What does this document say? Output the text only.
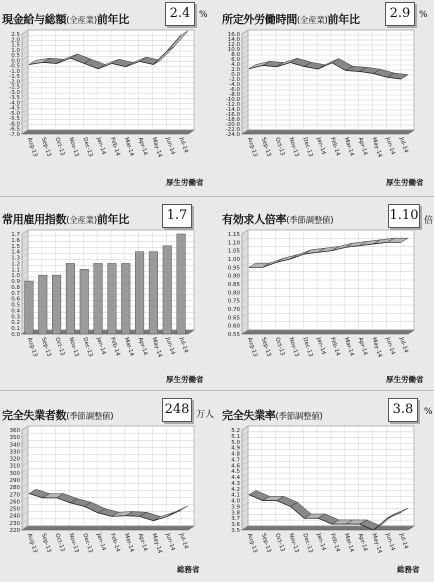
現金給与総額(全産業)前年比	2.4 %
2.5
2.0
1.5
1.0
0.5
0.0
-0.5
-1.0
-1.5
-2.0
-2.5
-3.0
-3.5
-4.0
-4.5
-5.0
-5.5
-6.0
-6.5
-7.0
Aug-13 Sep-13 Oct-13 Nov-13 Dec-13 Jan-14 Feb-14 Mar-14 Apr-14 May-14 Jun-14 Jul-14
厚生労働省
所定外労働時間(全産業)前年比	2.9 %
16.0
14.0
12.0
10.0
8.0
6.0
4.0
2.0
0.0
-2.0
-4.0
-6.0
-8.0
-10.0
-12.0
-14.0
-16.0
-18.0
-20.0
-22.0
-24.0
Aug-13 Sep-13 Oct-13 Nov-13 Dec-13 Jan-14 Feb-14 Mar-14 Apr-14 May-14 Jun-14 Jul-14
厚生労働省
常用雇用指数(全産業)前年比	1.7
1.7
1.6
1.5
1.4
1.3
1.2
1.1
1.0
0.9
0.8
0.7
0.6
0.5
0.4
0.3
0.2
0.1
0.0
Aug-13 Sep-13 Oct-13 Nov-13 Dec-13 Jan-14 Feb-14 Mar-14 Apr-14 May-14 Jun-14 Jul-14
厚生労働省
有効求人倍率(季節調整値)	1.10 倍
1.15
1.10
1.05
1.00
0.95
0.90
0.85
0.80
0.75
0.70
0.65
0.60
0.55
Aug-13 Sep-13 Oct-13 Nov-13 Dec-13 Jan-14 Feb-14 Mar-14 Apr-14 May-14 Jun-14 Jul-14
厚生労働省
完全失業者数(季節調整値)	248 万人
360
350
340
330
320
310
300
290
280
270
260
250
240
230
220
Aug-13 Sep-13 Oct-13 Nov-13 Dec-13 Jan-14 Feb-14 Mar-14 Apr-14 May-14 Jun-14 Jul-14
総務省
完全失業率(季節調整値)	3.8	%
5.2
5.1
5.0
4.9
4.8
4.7
4.6
4.5
4.4
4.3
4.2
4.1
4.0
3.9
3.8
3.7
3.6
3.5
Aug-13 Sep-13 Oct-13 Nov-13 Dec-13 Jan-14 Feb-14 Mar-14 Apr-14 May-14 Jun-14 Jul-14
総務省
